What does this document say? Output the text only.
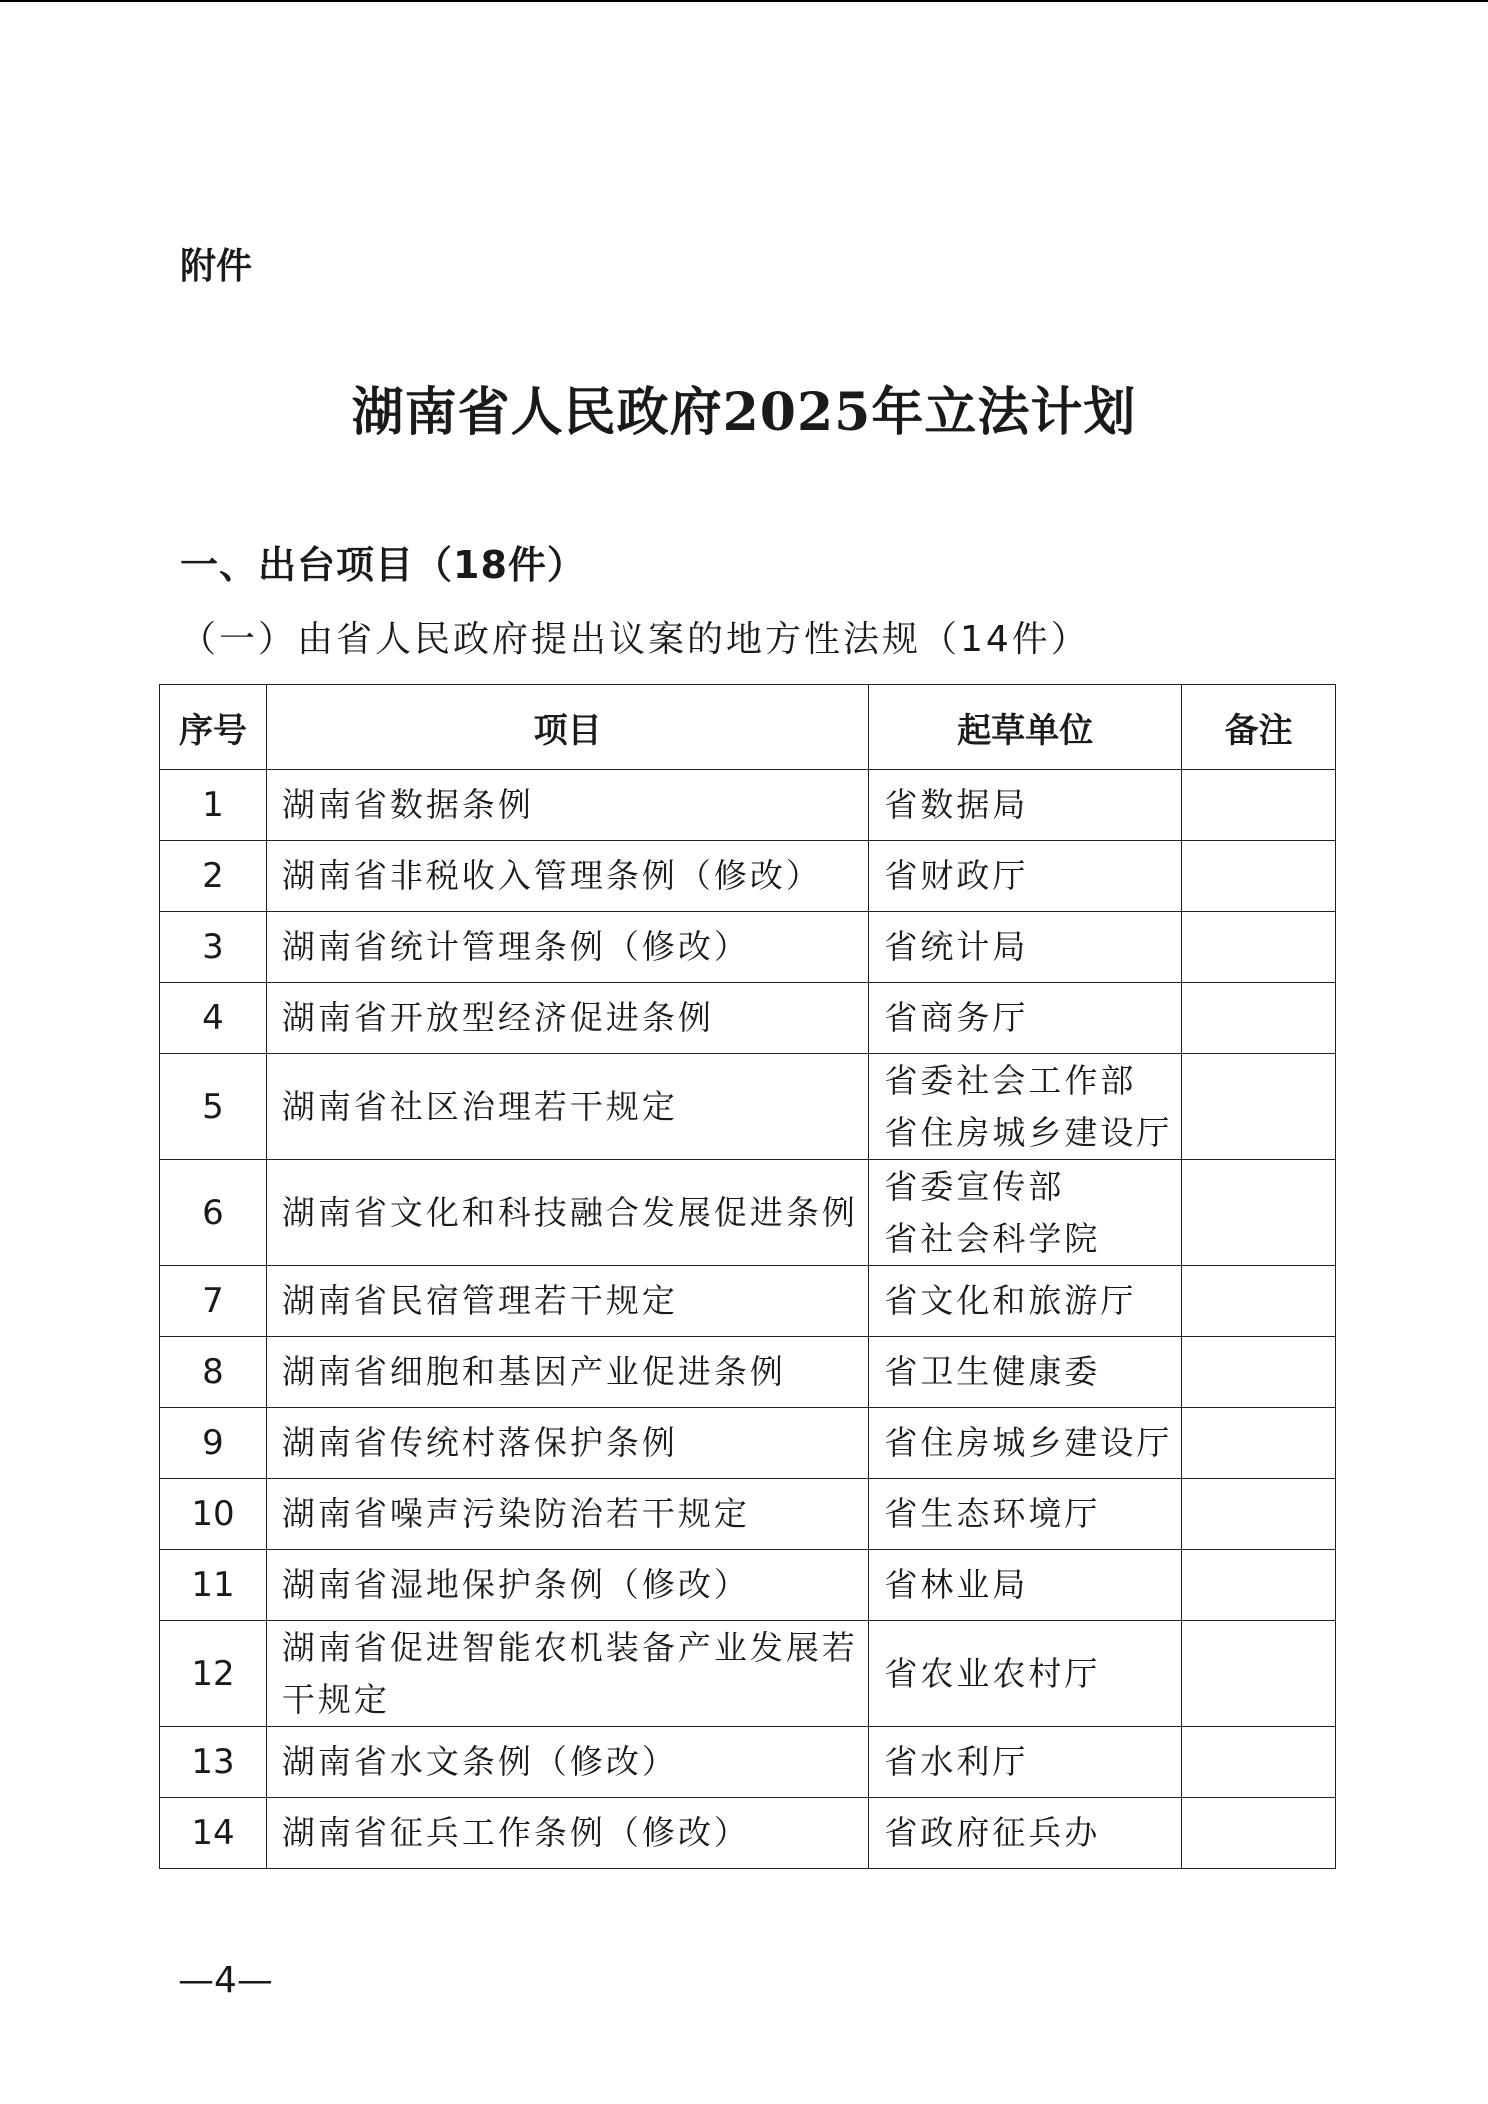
附件
湖南省人民政府2025年立法计划
一、出台项目（18件）
（一）由省人民政府提出议案的地方性法规（14件）
序号	项目	起草单位	备注
1	湖南省数据条例	省数据局	
2	湖南省非税收入管理条例（修改）	省财政厅	
3	湖南省统计管理条例（修改）	省统计局	
4	湖南省开放型经济促进条例	省商务厅	
5	湖南省社区治理若干规定	省委社会工作部
省住房城乡建设厅	
6	湖南省文化和科技融合发展促进条例	省委宣传部
省社会科学院	
7	湖南省民宿管理若干规定	省文化和旅游厅	
8	湖南省细胞和基因产业促进条例	省卫生健康委	
9	湖南省传统村落保护条例	省住房城乡建设厅	
10	湖南省噪声污染防治若干规定	省生态环境厅	
11	湖南省湿地保护条例（修改）	省林业局	
12	湖南省促进智能农机装备产业发展若干规定	省农业农村厅	
13	湖南省水文条例（修改）	省水利厅	
14	湖南省征兵工作条例（修改）	省政府征兵办	
—4—
